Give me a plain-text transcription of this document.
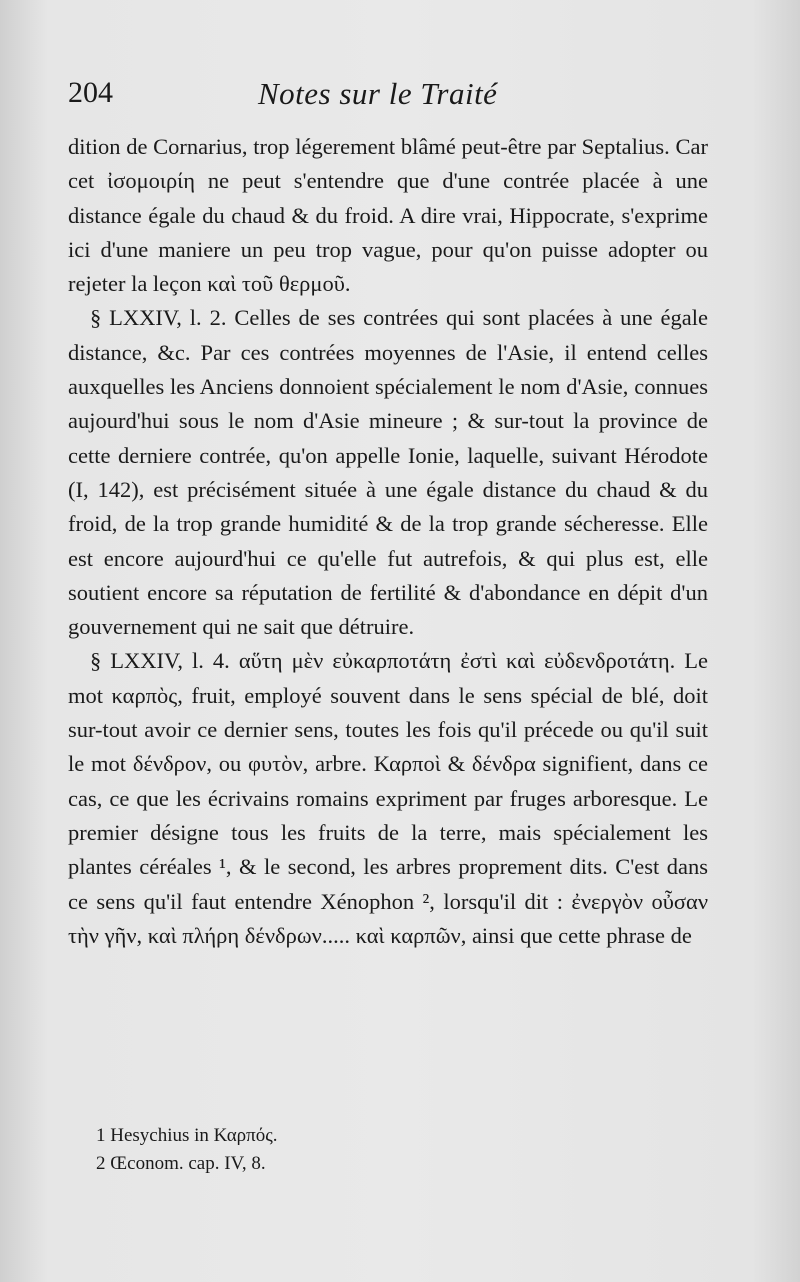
204	Notes sur le Traité

dition de Cornarius, trop légerement blâmé peut-être par Septalius. Car cet ἰσομοιρίη ne peut s'entendre que d'une contrée placée à une distance égale du chaud & du froid. A dire vrai, Hippocrate, s'exprime ici d'une maniere un peu trop vague, pour qu'on puisse adopter ou rejeter la leçon καὶ τοῦ θερμοῦ.

§ LXXIV, l. 2. Celles de ses contrées qui sont placées à une égale distance, &c. Par ces contrées moyennes de l'Asie, il entend celles auxquelles les Anciens donnoient spécialement le nom d'Asie, connues aujourd'hui sous le nom d'Asie mineure ; & sur-tout la province de cette derniere contrée, qu'on appelle Ionie, laquelle, suivant Hérodote (I, 142), est précisément située à une égale distance du chaud & du froid, de la trop grande humidité & de la trop grande sécheresse. Elle est encore aujourd'hui ce qu'elle fut autrefois, & qui plus est, elle soutient encore sa réputation de fertilité & d'abondance en dépit d'un gouvernement qui ne sait que détruire.

§ LXXIV, l. 4. αὕτη μὲν εὐκαρποτάτη ἐστὶ καὶ εὐδενδροτάτη. Le mot καρπὸς, fruit, employé souvent dans le sens spécial de blé, doit sur-tout avoir ce dernier sens, toutes les fois qu'il précede ou qu'il suit le mot δένδρον, ou φυτὸν, arbre. Καρποὶ & δένδρα signifient, dans ce cas, ce que les écrivains romains expriment par fruges arboresque. Le premier désigne tous les fruits de la terre, mais spécialement les plantes céréales ¹, & le second, les arbres proprement dits. C'est dans ce sens qu'il faut entendre Xénophon ², lorsqu'il dit : ἐνεργὸν οὖσαν τὴν γῆν, καὶ πλήρη δένδρων..... καὶ καρπῶν, ainsi que cette phrase de

1 Hesychius in Καρπός.
2 Œconom. cap. IV, 8.
